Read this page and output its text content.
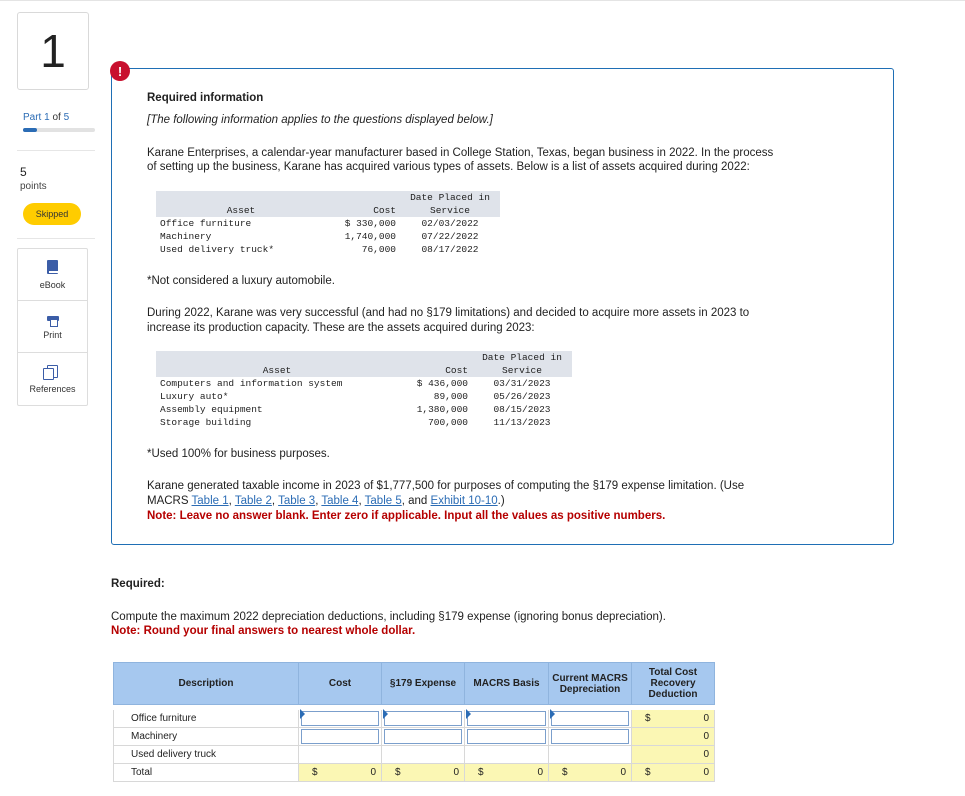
1
Part 1 of 5
5
points
Skipped
eBook
Print
References
!
Required information
[The following information applies to the questions displayed below.]
Karane Enterprises, a calendar-year manufacturer based in College Station, Texas, began business in 2022. In the process
of setting up the business, Karane has acquired various types of assets. Below is a list of assets acquired during 2022:
		Date Placed in
Asset	Cost	Service
Office furniture	$ 330,000	02/03/2022
Machinery	1,740,000	07/22/2022
Used delivery truck*	76,000	08/17/2022
*Not considered a luxury automobile.
During 2022, Karane was very successful (and had no §179 limitations) and decided to acquire more assets in 2023 to
increase its production capacity. These are the assets acquired during 2023:
		Date Placed in
Asset	Cost	Service
Computers and information system	$ 436,000	03/31/2023
Luxury auto*	89,000	05/26/2023
Assembly equipment	1,380,000	08/15/2023
Storage building	700,000	11/13/2023
*Used 100% for business purposes.
Karane generated taxable income in 2023 of $1,777,500 for purposes of computing the §179 expense limitation. (Use
MACRS Table 1, Table 2, Table 3, Table 4, Table 5, and Exhibit 10-10.)
Note: Leave no answer blank. Enter zero if applicable. Input all the values as positive numbers.
Required:
Compute the maximum 2022 depreciation deductions, including §179 expense (ignoring bonus depreciation).
Note: Round your final answers to nearest whole dollar.
Description	Cost	§179 Expense	MACRS Basis	Current MACRS Depreciation	Total Cost Recovery Deduction

Office furniture					$ 0

Machinery					0

Used delivery truck					0

Total	$ 0	$ 0	$ 0	$ 0	$ 0
